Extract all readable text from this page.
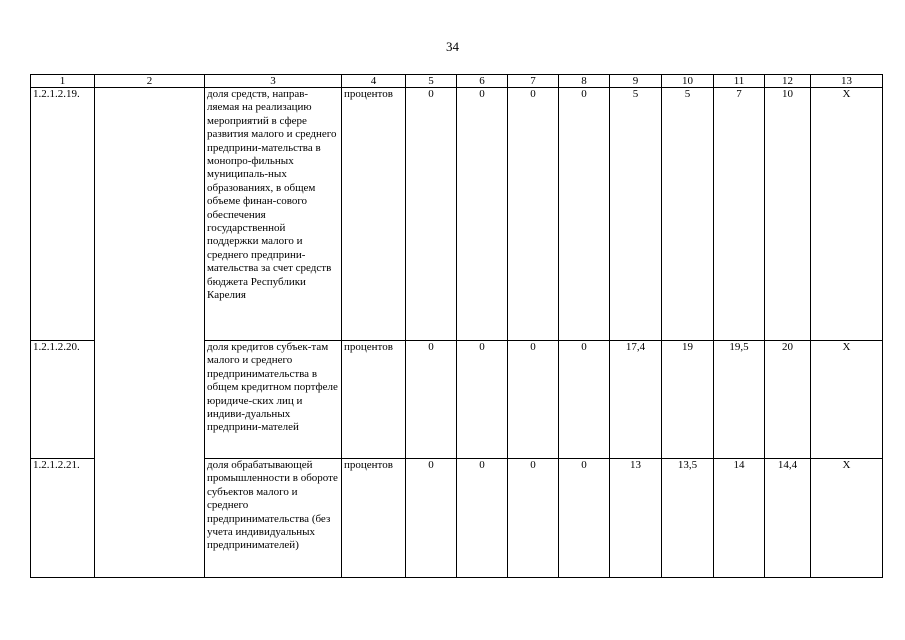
34
1	2	3	4	5	6	7	8	9	10	11	12	13
1.2.1.2.19.		доля средств, направ-ляемая на реализацию мероприятий в сфере развития малого и среднего предприни-мательства в монопро-фильных муниципаль-ных образованиях, в общем объеме финан-сового обеспечения государственной поддержки малого и среднего предприни-мательства за счет средств бюджета Республики Карелия	процентов	0	0	0	0	5	5	7	10	Х
1.2.1.2.20.		доля кредитов субъек-там малого и среднего предпринимательства в общем кредитном портфеле юридиче-ских лиц и индиви-дуальных предприни-мателей	процентов	0	0	0	0	17,4	19	19,5	20	Х
1.2.1.2.21.		доля обрабатывающей промышленности в обороте субъектов малого и среднего предпринимательства (без учета индивидуальных предпринимателей)	процентов	0	0	0	0	13	13,5	14	14,4	Х
